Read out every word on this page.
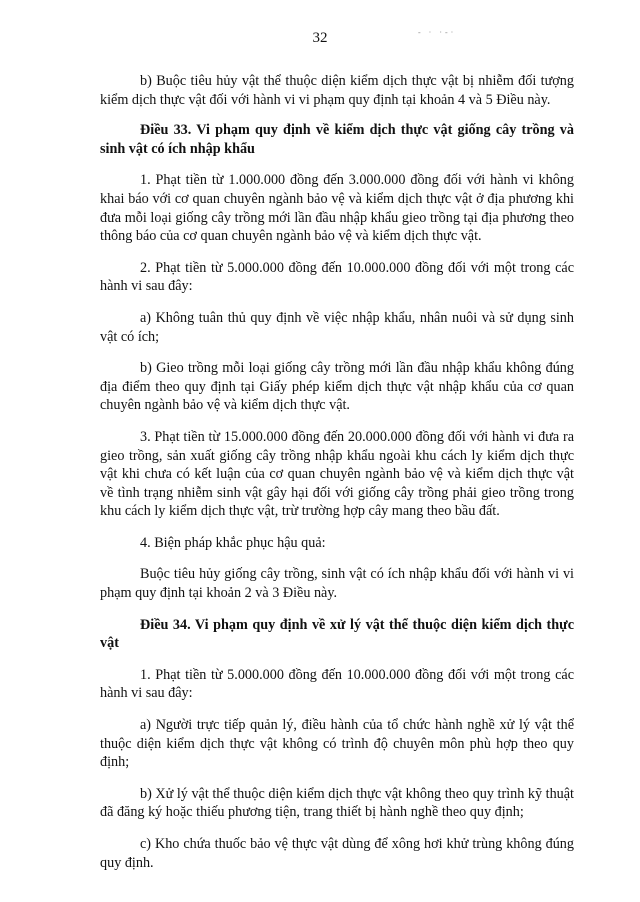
- · ·-·
32

b) Buộc tiêu hủy vật thể thuộc diện kiểm dịch thực vật bị nhiễm đối tượng kiểm dịch thực vật đối với hành vi vi phạm quy định tại khoản 4 và 5 Điều này.

Điều 33. Vi phạm quy định về kiểm dịch thực vật giống cây trồng và sinh vật có ích nhập khẩu

1. Phạt tiền từ 1.000.000 đồng đến 3.000.000 đồng đối với hành vi không khai báo với cơ quan chuyên ngành bảo vệ và kiểm dịch thực vật ở địa phương khi đưa mỗi loại giống cây trồng mới lần đầu nhập khẩu gieo trồng tại địa phương theo thông báo của cơ quan chuyên ngành bảo vệ và kiểm dịch thực vật.

2. Phạt tiền từ 5.000.000 đồng đến 10.000.000 đồng đối với một trong các hành vi sau đây:

a) Không tuân thủ quy định về việc nhập khẩu, nhân nuôi và sử dụng sinh vật có ích;

b) Gieo trồng mỗi loại giống cây trồng mới lần đầu nhập khẩu không đúng địa điểm theo quy định tại Giấy phép kiểm dịch thực vật nhập khẩu của cơ quan chuyên ngành bảo vệ và kiểm dịch thực vật.

3. Phạt tiền từ 15.000.000 đồng đến 20.000.000 đồng đối với hành vi đưa ra gieo trồng, sản xuất giống cây trồng nhập khẩu ngoài khu cách ly kiểm dịch thực vật khi chưa có kết luận của cơ quan chuyên ngành bảo vệ và kiểm dịch thực vật về tình trạng nhiễm sinh vật gây hại đối với giống cây trồng phải gieo trồng trong khu cách ly kiểm dịch thực vật, trừ trường hợp cây mang theo bầu đất.

4. Biện pháp khắc phục hậu quả:

Buộc tiêu hủy giống cây trồng, sinh vật có ích nhập khẩu đối với hành vi vi phạm quy định tại khoản 2 và 3 Điều này.

Điều 34. Vi phạm quy định về xử lý vật thể thuộc diện kiểm dịch thực vật

1. Phạt tiền từ 5.000.000 đồng đến 10.000.000 đồng đối với một trong các hành vi sau đây:

a) Người trực tiếp quản lý, điều hành của tổ chức hành nghề xử lý vật thể thuộc diện kiểm dịch thực vật không có trình độ chuyên môn phù hợp theo quy định;

b) Xử lý vật thể thuộc diện kiểm dịch thực vật không theo quy trình kỹ thuật đã đăng ký hoặc thiếu phương tiện, trang thiết bị hành nghề theo quy định;

c) Kho chứa thuốc bảo vệ thực vật dùng để xông hơi khử trùng không đúng quy định.
